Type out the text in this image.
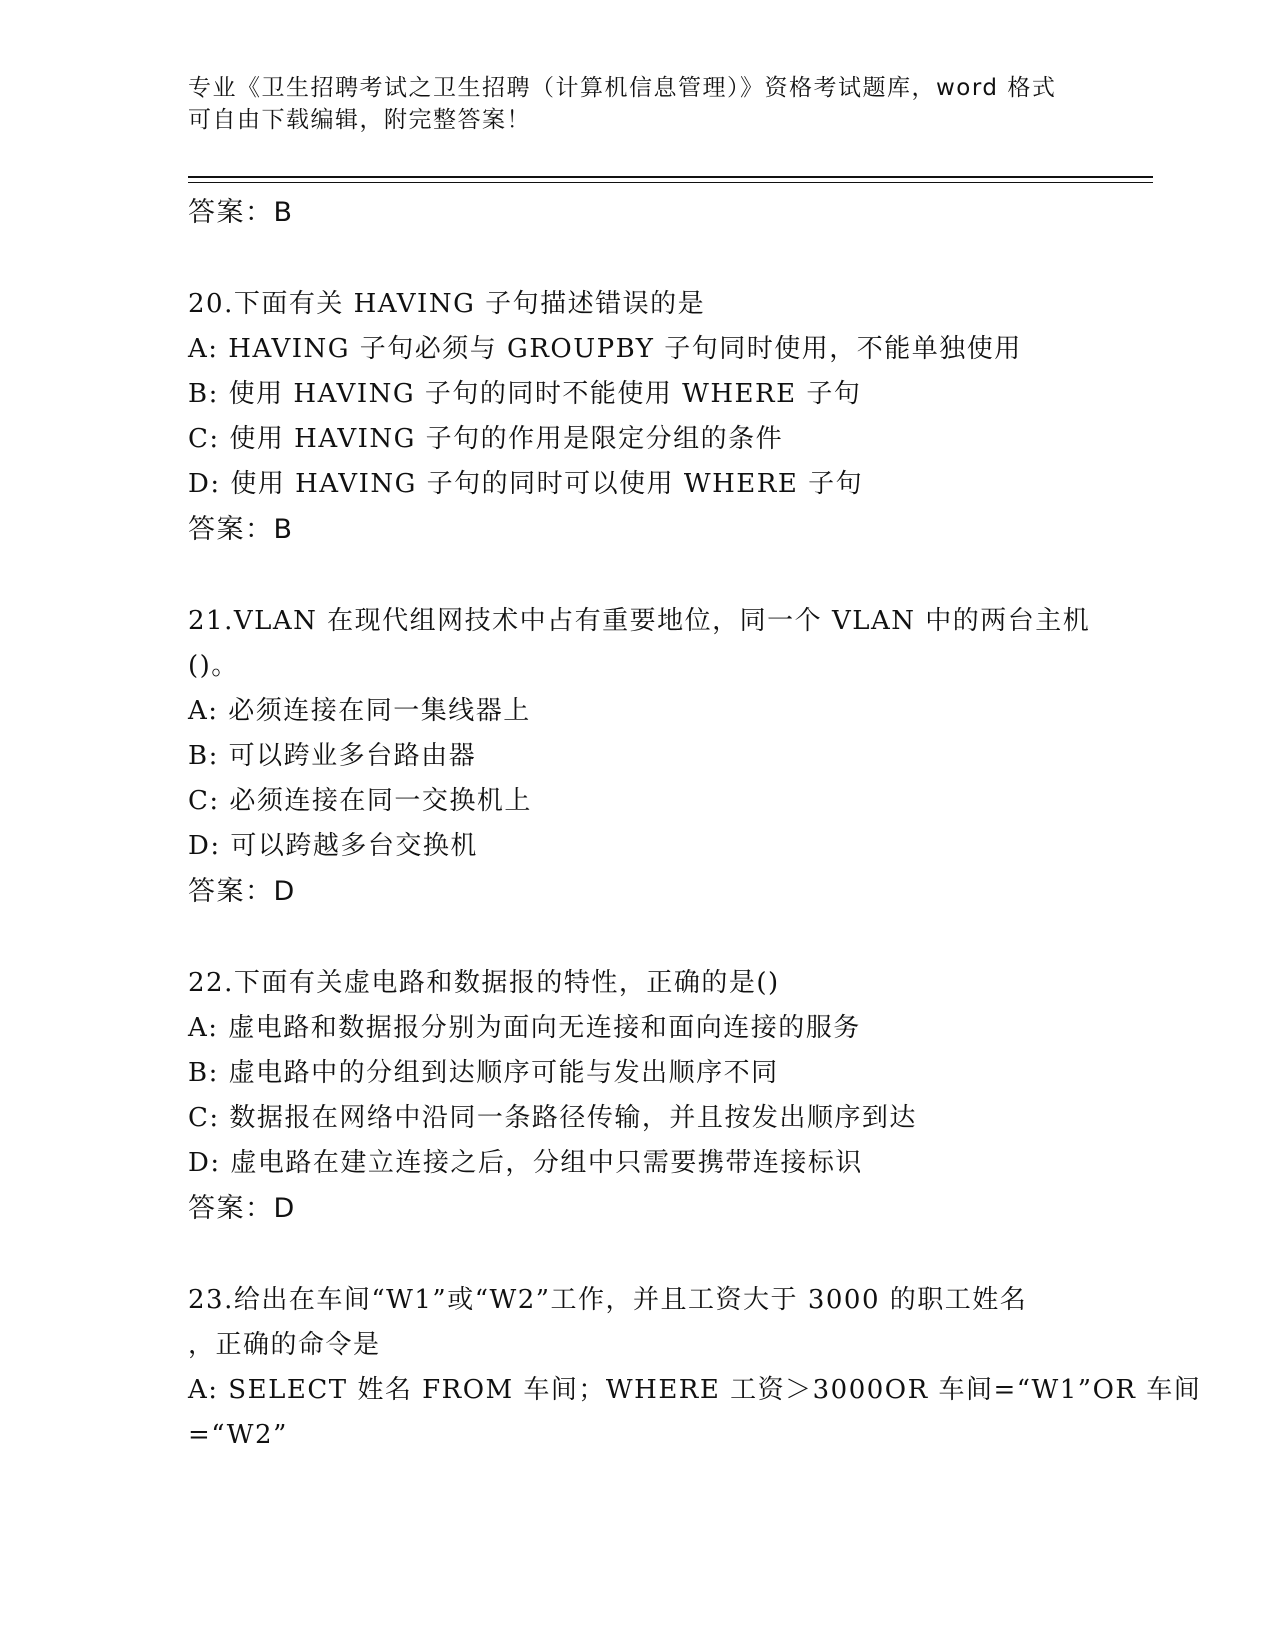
专业《卫生招聘考试之卫生招聘（计算机信息管理）》资格考试题库，word 格式
可自由下载编辑，附完整答案！
答案：B
20.下面有关 HAVING 子句描述错误的是
A: HAVING 子句必须与 GROUPBY 子句同时使用，不能单独使用
B: 使用 HAVING 子句的同时不能使用 WHERE 子句
C: 使用 HAVING 子句的作用是限定分组的条件
D: 使用 HAVING 子句的同时可以使用 WHERE 子句
答案：B
21.VLAN 在现代组网技术中占有重要地位，同一个 VLAN 中的两台主机
()。
A: 必须连接在同一集线器上
B: 可以跨业多台路由器
C: 必须连接在同一交换机上
D: 可以跨越多台交换机
答案：D
22.下面有关虚电路和数据报的特性，正确的是()
A: 虚电路和数据报分别为面向无连接和面向连接的服务
B: 虚电路中的分组到达顺序可能与发出顺序不同
C: 数据报在网络中沿同一条路径传输，并且按发出顺序到达
D: 虚电路在建立连接之后，分组中只需要携带连接标识
答案：D
23.给出在车间“W1”或“W2”工作，并且工资大于 3000 的职工姓名
，正确的命令是
A: SELECT 姓名 FROM 车间；WHERE 工资＞3000OR 车间=“W1”OR 车间
=“W2”
